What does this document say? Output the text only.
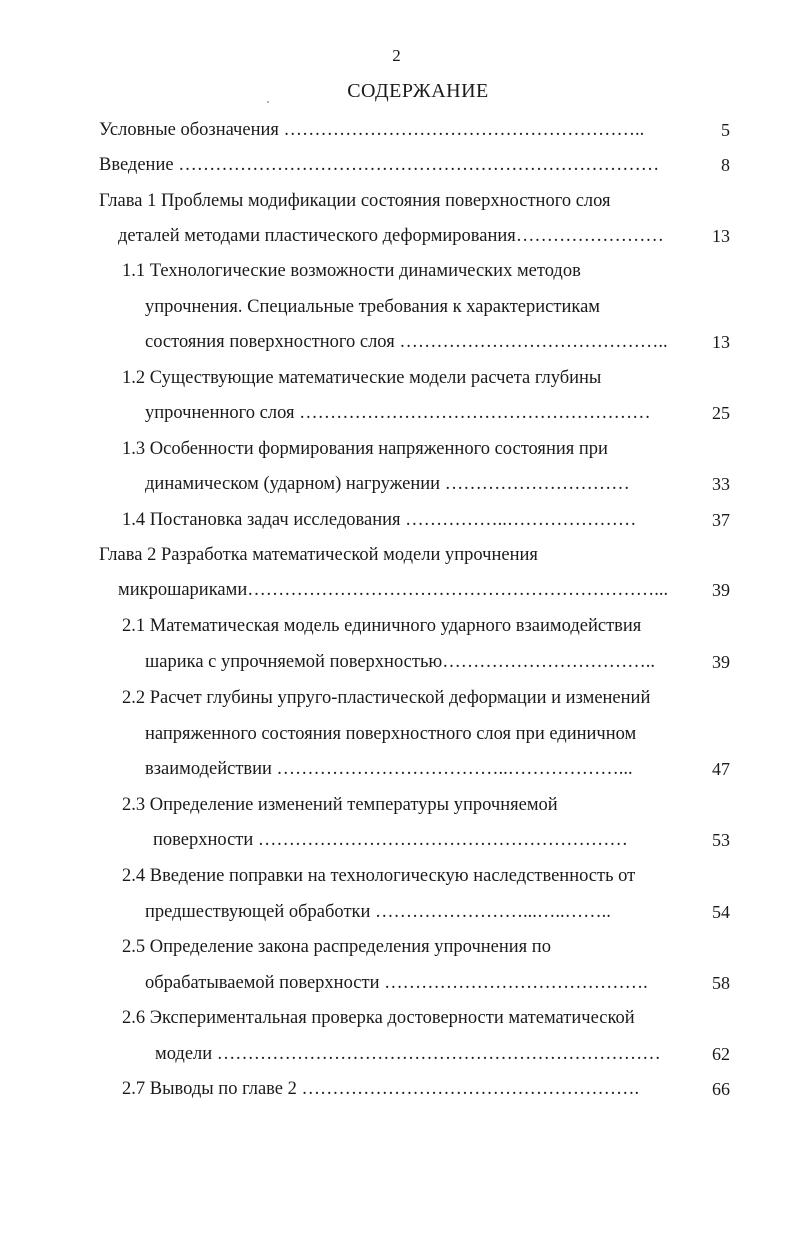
2
СОДЕРЖАНИЕ
Условные обозначения …………………………………………………..	5
Введение ……………………………………………………………………	8
Глава 1 Проблемы модификации состояния поверхностного слоя
деталей методами пластического деформирования……………………	13
1.1 Технологические возможности динамических методов
упрочнения. Специальные требования к характеристикам
состояния поверхностного слоя ……………………………………..	13
1.2 Существующие математические модели расчета глубины
упрочненного слоя …………………………………………………	25
1.3 Особенности формирования напряженного состояния при
динамическом (ударном) нагружении …………………………	33
1.4 Постановка задач исследования ……………..…………………	37
Глава 2 Разработка математической модели упрочнения
микрошариками…………………………………………………………...	39
2.1 Математическая модель единичного ударного взаимодействия
шарика с упрочняемой поверхностью……………………………..	39
2.2 Расчет глубины упруго-пластической деформации и изменений
напряженного состояния поверхностного слоя при единичном
взаимодействии ………………………………..………………...	47
2.3 Определение изменений температуры упрочняемой
поверхности ……………………………………………………	53
2.4 Введение поправки на технологическую наследственность от
предшествующей обработки ……………………...…..……..	54
2.5 Определение закона распределения упрочнения по
обрабатываемой поверхности …………………………………….	58
2.6 Экспериментальная проверка достоверности математической
модели ………………………………………………………………	62
2.7 Выводы по главе 2 ……………………………………………….	66
